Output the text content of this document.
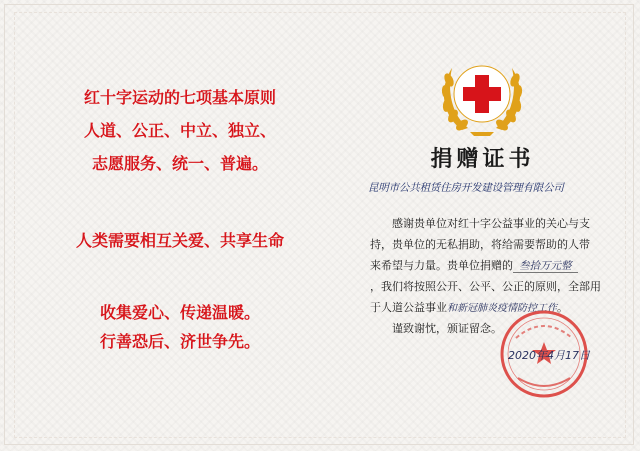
红十字运动的七项基本原则
人道、公正、中立、独立、
志愿服务、统一、普遍。
人类需要相互关爱、共享生命
收集爱心、传递温暖。
行善恐后、济世争先。
捐赠证书
昆明市公共租赁住房开发建设管理有限公司
感谢贵单位对红十字公益事业的关心与支
持，贵单位的无私捐助，将给需要帮助的人带
来希望与力量。贵单位捐赠的 叁拾万元整
，我们将按照公开、公平、公正的原则，全部用
于人道公益事业和新冠肺炎疫情防控工作。
谨致谢忱，颁证留念。
2020年4月17日
